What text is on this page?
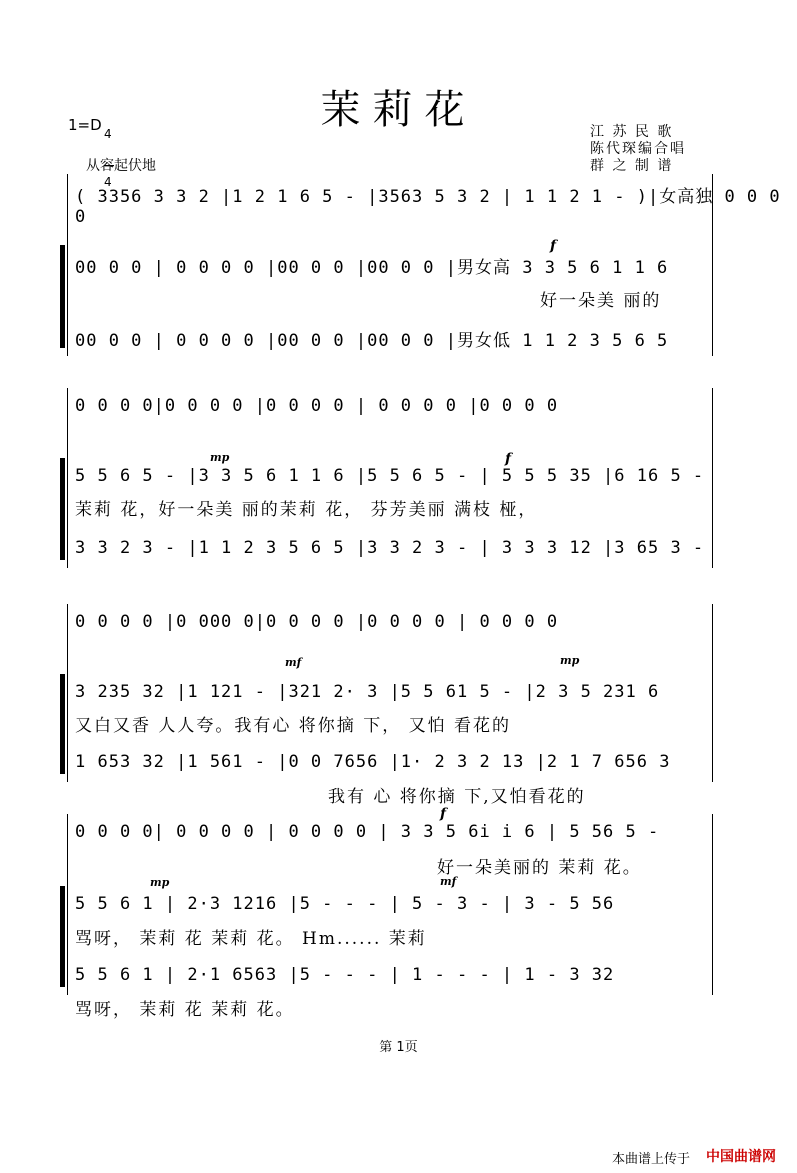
茉莉花
1=D

4

4

江 苏 民 歌
陈代琛编合唱
群 之 制 谱
从容起伏地
( 3356 3 3 2 |1 2 1 6 5 - |3563 5 3 2 | 1 1 2 1 - )|女高独 0 0 0 0
00 0 0 | 0 0 0 0 |00 0 0 |00 0 0 |男女高 3 3 5 6 1 1 6
00 0 0 | 0 0 0 0 |00 0 0 |00 0 0 |男女低 1 1 2 3 5 6 5
好一朵美 丽的
0 0 0 0|0 0 0 0 |0 0 0 0 | 0 0 0 0 |0 0 0 0
5 5 6 5 - |3 3 5 6 1 1 6 |5 5 6 5 - | 5 5 5 35 |6 16 5 -
3 3 2 3 - |1 1 2 3 5 6 5 |3 3 2 3 - | 3 3 3 12 |3 65 3 -
茉莉 花，好一朵美 丽的茉莉 花， 芬芳美丽 满枝 桠，
0 0 0 0 |0 000 0|0 0 0 0 |0 0 0 0 | 0 0 0 0
3 235 32 |1 121 - |321 2· 3 |5 5 61 5 - |2 3 5 231 6
1 653 32 |1 561 - |0 0 7656 |1· 2 3 2 13 |2 1 7 656 3
又白又香 人人夸。我有心 将你摘 下， 又怕 看花的
我有 心 将你摘 下,又怕看花的
0 0 0 0| 0 0 0 0 | 0 0 0 0 | 3 3 5 6i i 6 | 5 56 5 -
5 5 6 1 | 2·3 1216 |5 - - - | 5 - 3 - | 3 - 5 56
5 5 6 1 | 2·1 6563 |5 - - - | 1 - - - | 1 - 3 32
好一朵美丽的 茉莉 花。
骂呀， 茉莉 花 茉莉 花。 Hm...... 茉莉
骂呀， 茉莉 花 茉莉 花。
f
mp	f
mf	mp
f
mp	mf
第 1页
本曲谱上传于 中国曲谱网
